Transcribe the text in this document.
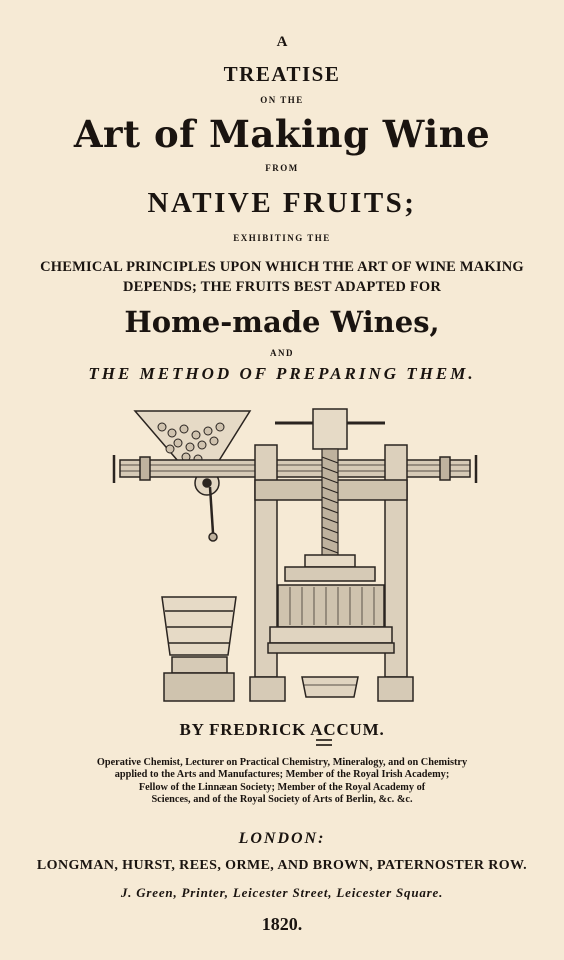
A
TREATISE
ON THE
Art of Making Wine
FROM
NATIVE FRUITS;
EXHIBITING THE
CHEMICAL PRINCIPLES UPON WHICH THE ART OF WINE MAKING
DEPENDS; THE FRUITS BEST ADAPTED FOR
Home-made Wines,
AND
THE METHOD OF PREPARING THEM.
BY FREDRICK ACCUM.
Operative Chemist, Lecturer on Practical Chemistry, Mineralogy, and on Chemistry
applied to the Arts and Manufactures; Member of the Royal Irish Academy;
Fellow of the Linnæan Society; Member of the Royal Academy of
Sciences, and of the Royal Society of Arts of Berlin, &c. &c.
LONDON:
LONGMAN, HURST, REES, ORME, AND BROWN, PATERNOSTER ROW.
J. Green, Printer, Leicester Street, Leicester Square.
1820.
